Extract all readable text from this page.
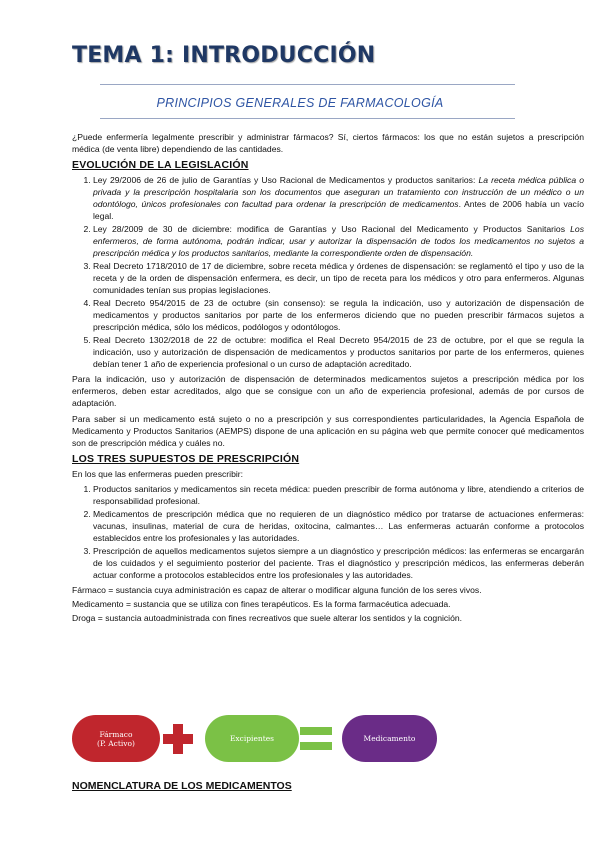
TEMA 1: INTRODUCCIÓN
PRINCIPIOS GENERALES DE FARMACOLOGÍA

¿Puede enfermería legalmente prescribir y administrar fármacos? Sí, ciertos fármacos: los que no están sujetos a prescripción médica (de venta libre) dependiendo de las cantidades.

EVOLUCIÓN DE LA LEGISLACIÓN
1. Ley 29/2006 de 26 de julio de Garantías y Uso Racional de Medicamentos y productos sanitarios: La receta médica pública o privada y la prescripción hospitalaria son los documentos que aseguran un tratamiento con instrucción de un médico o un odontólogo, únicos profesionales con facultad para ordenar la prescripción de medicamentos. Antes de 2006 había un vacío legal.
2. Ley 28/2009 de 30 de diciembre: modifica de Garantías y Uso Racional del Medicamento y Productos Sanitarios Los enfermeros, de forma autónoma, podrán indicar, usar y autorizar la dispensación de todos los medicamentos no sujetos a prescripción médica y los productos sanitarios, mediante la correspondiente orden de dispensación.
3. Real Decreto 1718/2010 de 17 de diciembre, sobre receta médica y órdenes de dispensación: se reglamentó el tipo y uso de la receta y de la orden de dispensación enfermera, es decir, un tipo de receta para los médicos y otro para enfermeros. Algunas comunidades tenían sus propias legislaciones.
4. Real Decreto 954/2015 de 23 de octubre (sin consenso): se regula la indicación, uso y autorización de dispensación de medicamentos y productos sanitarios por parte de los enfermeros diciendo que no pueden prescribir fármacos sujetos a prescripción médica, sólo los médicos, podólogos y odontólogos.
5. Real Decreto 1302/2018 de 22 de octubre: modifica el Real Decreto 954/2015 de 23 de octubre, por el que se regula la indicación, uso y autorización de dispensación de medicamentos y productos sanitarios por parte de los enfermeros, quienes debían tener 1 año de experiencia profesional o un curso de adaptación acreditado.

Para la indicación, uso y autorización de dispensación de determinados medicamentos sujetos a prescripción médica por los enfermeros, deben estar acreditados, algo que se consigue con un año de experiencia profesional, además de por cursos de adaptación.

Para saber si un medicamento está sujeto o no a prescripción y sus correspondientes particularidades, la Agencia Española de Medicamento y Productos Sanitarios (AEMPS) dispone de una aplicación en su página web que permite conocer qué medicamentos son de prescripción médica y cuáles no.

LOS TRES SUPUESTOS DE PRESCRIPCIÓN

En los que las enfermeras pueden prescribir:

1. Productos sanitarios y medicamentos sin receta médica: pueden prescribir de forma autónoma y libre, atendiendo a criterios de responsabilidad profesional.
2. Medicamentos de prescripción médica que no requieren de un diagnóstico médico por tratarse de actuaciones enfermeras: vacunas, insulinas, material de cura de heridas, oxitocina, calmantes… Las enfermeras actuarán conforme a protocolos establecidos entre los profesionales y las autoridades.
3. Prescripción de aquellos medicamentos sujetos siempre a un diagnóstico y prescripción médicos: las enfermeras se encargarán de los cuidados y el seguimiento posterior del paciente. Tras el diagnóstico y prescripción médicos, las enfermeras deberán actuar conforme a protocolos establecidos entre los profesionales y las autoridades.

Fármaco = sustancia cuya administración es capaz de alterar o modificar alguna función de los seres vivos.

Medicamento = sustancia que se utiliza con fines terapéuticos. Es la forma farmacéutica adecuada.

Droga = sustancia autoadministrada con fines recreativos que suele alterar los sentidos y la cognición.

Fármaco
(P. Activo)	Excipientes	Medicamento
NOMENCLATURA DE LOS MEDICAMENTOS
